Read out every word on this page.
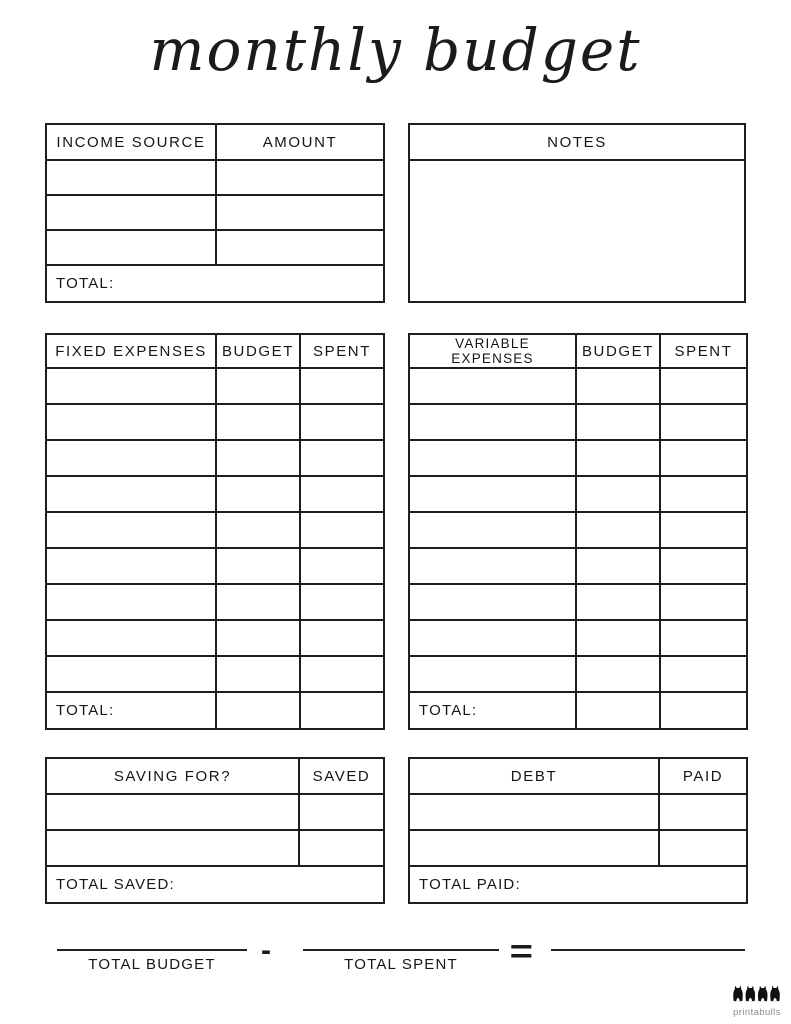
monthly budget
INCOME SOURCE	AMOUNT

TOTAL:	
NOTES

FIXED EXPENSES	BUDGET	SPENT

TOTAL:		
VARIABLE EXPENSES	BUDGET	SPENT

TOTAL:		
SAVING FOR?	SAVED

TOTAL SAVED:	
DEBT	PAID

TOTAL PAID:	
TOTAL BUDGET	-	TOTAL SPENT	=
printabulls
